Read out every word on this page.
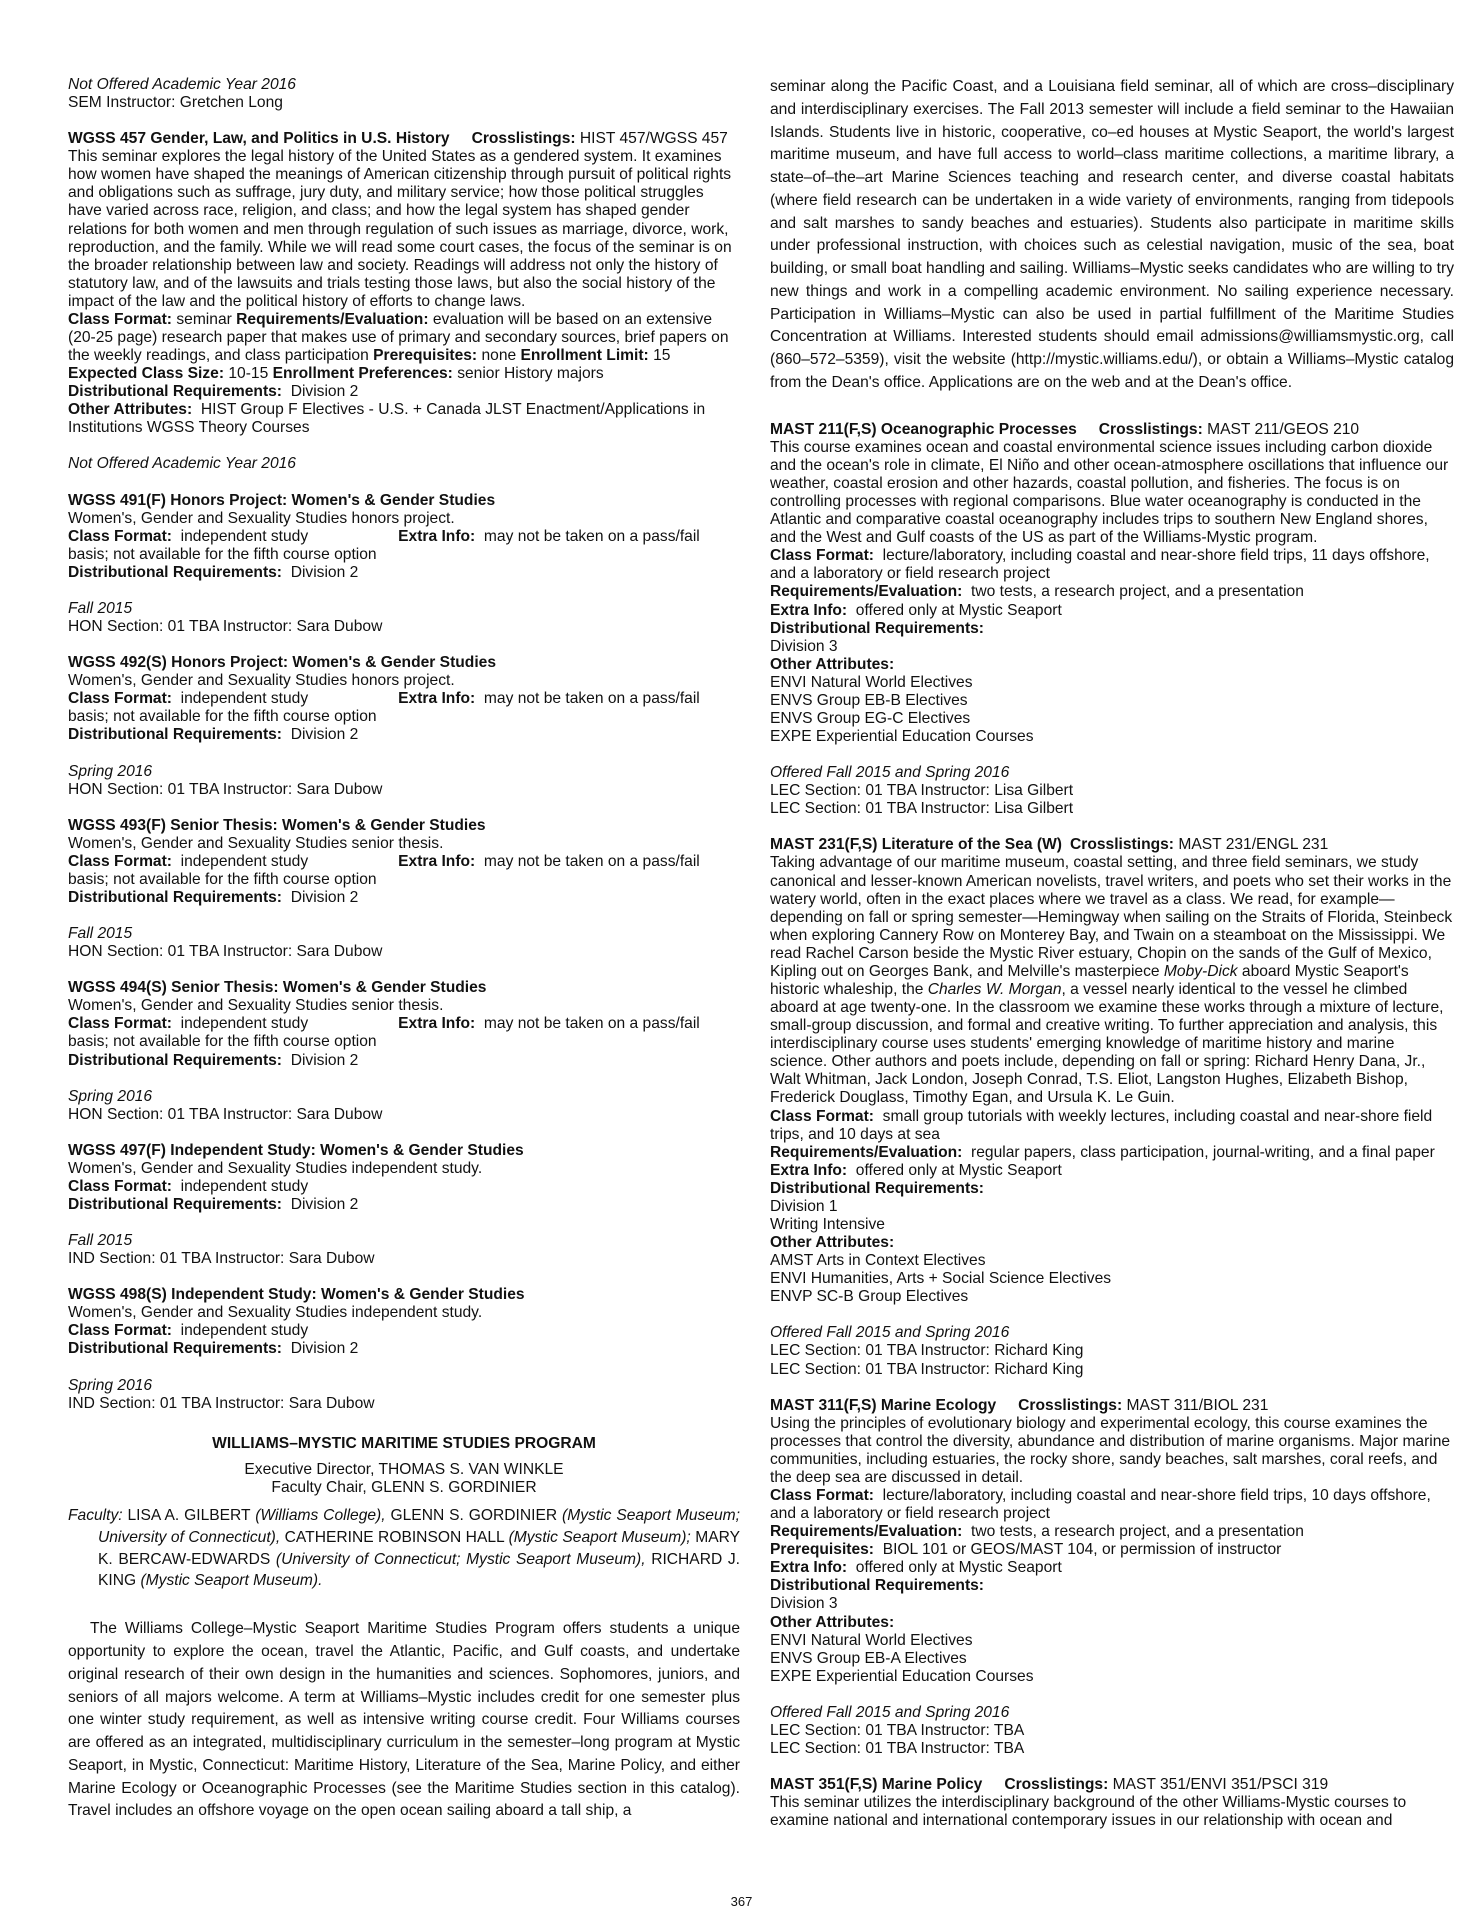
Not Offered Academic Year 2016
SEM Instructor: Gretchen Long
WGSS 457 Gender, Law, and Politics in U.S. History Crosslistings: HIST 457/WGSS 457
This seminar explores the legal history of the United States as a gendered system. It examines how women have shaped the meanings of American citizenship through pursuit of political rights and obligations such as suffrage, jury duty, and military service; how those political struggles have varied across race, religion, and class; and how the legal system has shaped gender relations for both women and men through regulation of such issues as marriage, divorce, work, reproduction, and the family. While we will read some court cases, the focus of the seminar is on the broader relationship between law and society. Readings will address not only the history of statutory law, and of the lawsuits and trials testing those laws, but also the social history of the impact of the law and the political history of efforts to change laws.
Class Format: seminar Requirements/Evaluation: evaluation will be based on an extensive (20-25 page) research paper that makes use of primary and secondary sources, brief papers on the weekly readings, and class participation Prerequisites: none Enrollment Limit: 15 Expected Class Size: 10-15 Enrollment Preferences: senior History majors
Distributional Requirements: Division 2
Other Attributes: HIST Group F Electives - U.S. + Canada JLST Enactment/Applications in Institutions WGSS Theory Courses
Not Offered Academic Year 2016
WGSS 491(F) Honors Project: Women's & Gender Studies
Women's, Gender and Sexuality Studies honors project.
Class Format: independent study	Extra Info: may not be taken on a pass/fail basis; not available for the fifth course option
Distributional Requirements: Division 2
Fall 2015
HON Section: 01 TBA Instructor: Sara Dubow
WGSS 492(S) Honors Project: Women's & Gender Studies
Women's, Gender and Sexuality Studies honors project.
Class Format: independent study	Extra Info: may not be taken on a pass/fail basis; not available for the fifth course option
Distributional Requirements: Division 2
Spring 2016
HON Section: 01 TBA Instructor: Sara Dubow
WGSS 493(F) Senior Thesis: Women's & Gender Studies
Women's, Gender and Sexuality Studies senior thesis.
Class Format: independent study	Extra Info: may not be taken on a pass/fail basis; not available for the fifth course option
Distributional Requirements: Division 2
Fall 2015
HON Section: 01 TBA Instructor: Sara Dubow
WGSS 494(S) Senior Thesis: Women's & Gender Studies
Women's, Gender and Sexuality Studies senior thesis.
Class Format: independent study	Extra Info: may not be taken on a pass/fail basis; not available for the fifth course option
Distributional Requirements: Division 2
Spring 2016
HON Section: 01 TBA Instructor: Sara Dubow
WGSS 497(F) Independent Study: Women's & Gender Studies
Women's, Gender and Sexuality Studies independent study.
Class Format: independent study
Distributional Requirements: Division 2
Fall 2015
IND Section: 01 TBA Instructor: Sara Dubow
WGSS 498(S) Independent Study: Women's & Gender Studies
Women's, Gender and Sexuality Studies independent study.
Class Format: independent study
Distributional Requirements: Division 2
Spring 2016
IND Section: 01 TBA Instructor: Sara Dubow
WILLIAMS–MYSTIC MARITIME STUDIES PROGRAM
Executive Director, THOMAS S. VAN WINKLE
Faculty Chair, GLENN S. GORDINIER
Faculty: LISA A. GILBERT (Williams College), GLENN S. GORDINIER (Mystic Seaport Museum; University of Connecticut), CATHERINE ROBINSON HALL (Mystic Seaport Museum); MARY K. BERCAW-EDWARDS (University of Connecticut; Mystic Seaport Museum), RICHARD J. KING (Mystic Seaport Museum).
The Williams College–Mystic Seaport Maritime Studies Program offers students a unique opportunity to explore the ocean, travel the Atlantic, Pacific, and Gulf coasts, and undertake original research of their own design in the humanities and sciences. Sophomores, juniors, and seniors of all majors welcome. A term at Williams–Mystic includes credit for one semester plus one winter study requirement, as well as intensive writing course credit. Four Williams courses are offered as an integrated, multidisciplinary curriculum in the semester–long program at Mystic Seaport, in Mystic, Connecticut: Maritime History, Literature of the Sea, Marine Policy, and either Marine Ecology or Oceanographic Processes (see the Maritime Studies section in this catalog). Travel includes an offshore voyage on the open ocean sailing aboard a tall ship, a
seminar along the Pacific Coast, and a Louisiana field seminar, all of which are cross–disciplinary and interdisciplinary exercises. The Fall 2013 semester will include a field seminar to the Hawaiian Islands. Students live in historic, cooperative, co–ed houses at Mystic Seaport, the world's largest maritime museum, and have full access to world–class maritime collections, a maritime library, a state–of–the–art Marine Sciences teaching and research center, and diverse coastal habitats (where field research can be undertaken in a wide variety of environments, ranging from tidepools and salt marshes to sandy beaches and estuaries). Students also participate in maritime skills under professional instruction, with choices such as celestial navigation, music of the sea, boat building, or small boat handling and sailing. Williams–Mystic seeks candidates who are willing to try new things and work in a compelling academic environment. No sailing experience necessary. Participation in Williams–Mystic can also be used in partial fulfillment of the Maritime Studies Concentration at Williams. Interested students should email admissions@williamsmystic.org, call (860–572–5359), visit the website (http://mystic.williams.edu/), or obtain a Williams–Mystic catalog from the Dean's office. Applications are on the web and at the Dean's office.
MAST 211(F,S) Oceanographic Processes Crosslistings: MAST 211/GEOS 210
This course examines ocean and coastal environmental science issues including carbon dioxide and the ocean's role in climate, El Niño and other ocean-atmosphere oscillations that influence our weather, coastal erosion and other hazards, coastal pollution, and fisheries. The focus is on controlling processes with regional comparisons. Blue water oceanography is conducted in the Atlantic and comparative coastal oceanography includes trips to southern New England shores, and the West and Gulf coasts of the US as part of the Williams-Mystic program.
Class Format: lecture/laboratory, including coastal and near-shore field trips, 11 days offshore, and a laboratory or field research project
Requirements/Evaluation: two tests, a research project, and a presentation
Extra Info: offered only at Mystic Seaport
Distributional Requirements:
Division 3
Other Attributes:
ENVI Natural World Electives
ENVS Group EB-B Electives
ENVS Group EG-C Electives
EXPE Experiential Education Courses
Offered Fall 2015 and Spring 2016
LEC Section: 01 TBA Instructor: Lisa Gilbert
LEC Section: 01 TBA Instructor: Lisa Gilbert
MAST 231(F,S) Literature of the Sea (W) Crosslistings: MAST 231/ENGL 231
Taking advantage of our maritime museum, coastal setting, and three field seminars, we study canonical and lesser-known American novelists, travel writers, and poets who set their works in the watery world, often in the exact places where we travel as a class. We read, for example—depending on fall or spring semester—Hemingway when sailing on the Straits of Florida, Steinbeck when exploring Cannery Row on Monterey Bay, and Twain on a steamboat on the Mississippi. We read Rachel Carson beside the Mystic River estuary, Chopin on the sands of the Gulf of Mexico, Kipling out on Georges Bank, and Melville's masterpiece Moby-Dick aboard Mystic Seaport's historic whaleship, the Charles W. Morgan, a vessel nearly identical to the vessel he climbed aboard at age twenty-one. In the classroom we examine these works through a mixture of lecture, small-group discussion, and formal and creative writing. To further appreciation and analysis, this interdisciplinary course uses students' emerging knowledge of maritime history and marine science. Other authors and poets include, depending on fall or spring: Richard Henry Dana, Jr., Walt Whitman, Jack London, Joseph Conrad, T.S. Eliot, Langston Hughes, Elizabeth Bishop, Frederick Douglass, Timothy Egan, and Ursula K. Le Guin.
Class Format: small group tutorials with weekly lectures, including coastal and near-shore field trips, and 10 days at sea
Requirements/Evaluation: regular papers, class participation, journal-writing, and a final paper
Extra Info: offered only at Mystic Seaport
Distributional Requirements:
Division 1
Writing Intensive
Other Attributes:
AMST Arts in Context Electives
ENVI Humanities, Arts + Social Science Electives
ENVP SC-B Group Electives
Offered Fall 2015 and Spring 2016
LEC Section: 01 TBA Instructor: Richard King
LEC Section: 01 TBA Instructor: Richard King
MAST 311(F,S) Marine Ecology Crosslistings: MAST 311/BIOL 231
Using the principles of evolutionary biology and experimental ecology, this course examines the processes that control the diversity, abundance and distribution of marine organisms. Major marine communities, including estuaries, the rocky shore, sandy beaches, salt marshes, coral reefs, and the deep sea are discussed in detail.
Class Format: lecture/laboratory, including coastal and near-shore field trips, 10 days offshore, and a laboratory or field research project
Requirements/Evaluation: two tests, a research project, and a presentation
Prerequisites: BIOL 101 or GEOS/MAST 104, or permission of instructor
Extra Info: offered only at Mystic Seaport
Distributional Requirements:
Division 3
Other Attributes:
ENVI Natural World Electives
ENVS Group EB-A Electives
EXPE Experiential Education Courses
Offered Fall 2015 and Spring 2016
LEC Section: 01 TBA Instructor: TBA
LEC Section: 01 TBA Instructor: TBA
MAST 351(F,S) Marine Policy Crosslistings: MAST 351/ENVI 351/PSCI 319
This seminar utilizes the interdisciplinary background of the other Williams-Mystic courses to examine national and international contemporary issues in our relationship with ocean and
367
